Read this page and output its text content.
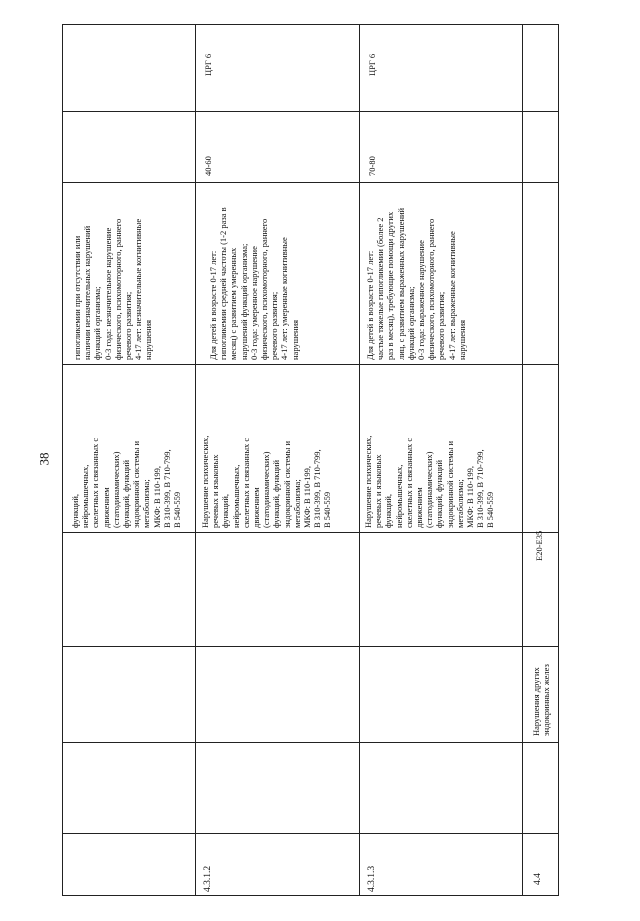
38
функций,
нейромышечных,
скелетных и связанных с
движением
(статодинамических)
функций, функций
эндокринной системы и
метаболизма;
МКФ: B 110-199,
B 310-399, B 710-799,
B 540-559
гипогликемии при отсутствии или
наличии незначительных нарушений
функций организма;
0-3 года: незначительное нарушение
физического, психомоторного, раннего
речевого развития;
4-17 лет: незначительные когнитивные
нарушения
4.3.1.2
Нарушение психических,
речевых и языковых
функций,
нейромышечных,
скелетных и связанных с
движением
(статодинамических)
функций, функций
эндокринной системы и
метаболизма;
МКФ: B 110-199,
B 310-399, B 710-799,
B 540-559
Для детей в возрасте 0-17 лет:
гипогликемии средней частоты (1-2 раза в
месяц) с развитием умеренных
нарушений функций организма;
0-3 года: умеренное нарушение
физического, психомоторного, раннего
речевого развития;
4-17 лет: умеренные когнитивные
нарушения
40-60
ЦРГ 6
4.3.1.3
Нарушение психических,
речевых и языковых
функций,
нейромышечных,
скелетных и связанных с
движением
(статодинамических)
функций, функций
эндокринной системы и
метаболизма;
МКФ: B 110-199,
B 310-399, B 710-799,
B 540-559
Для детей в возрасте 0-17 лет:
частые тяжелые гипогликемии (более 2
раз в месяц), требующие помощи других
лиц, с развитием выраженных нарушений
функций организма;
0-3 года: выраженное нарушение
физического, психомоторного, раннего
речевого развития;
4-17 лет: выраженные когнитивные
нарушения
70-80
ЦРГ 6
4.4
Нарушения других
эндокринных желез
E20-E35
